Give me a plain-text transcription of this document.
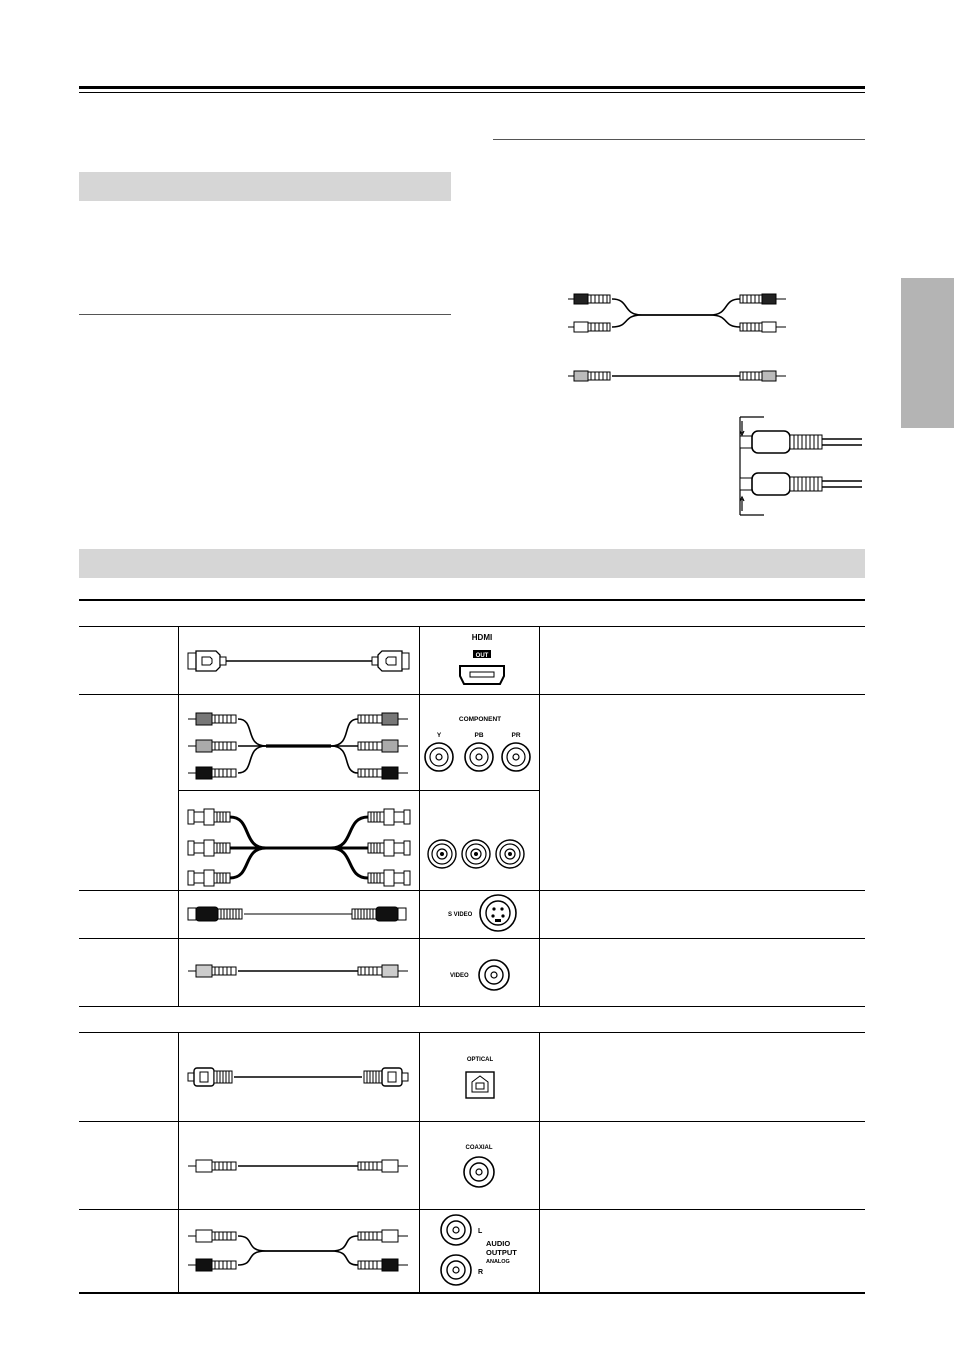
HDMI
OUT
COMPONENT
Y	PB	PR
S VIDEO
VIDEO
OPTICAL
COAXIAL
L
AUDIO
OUTPUT
ANALOG
R
